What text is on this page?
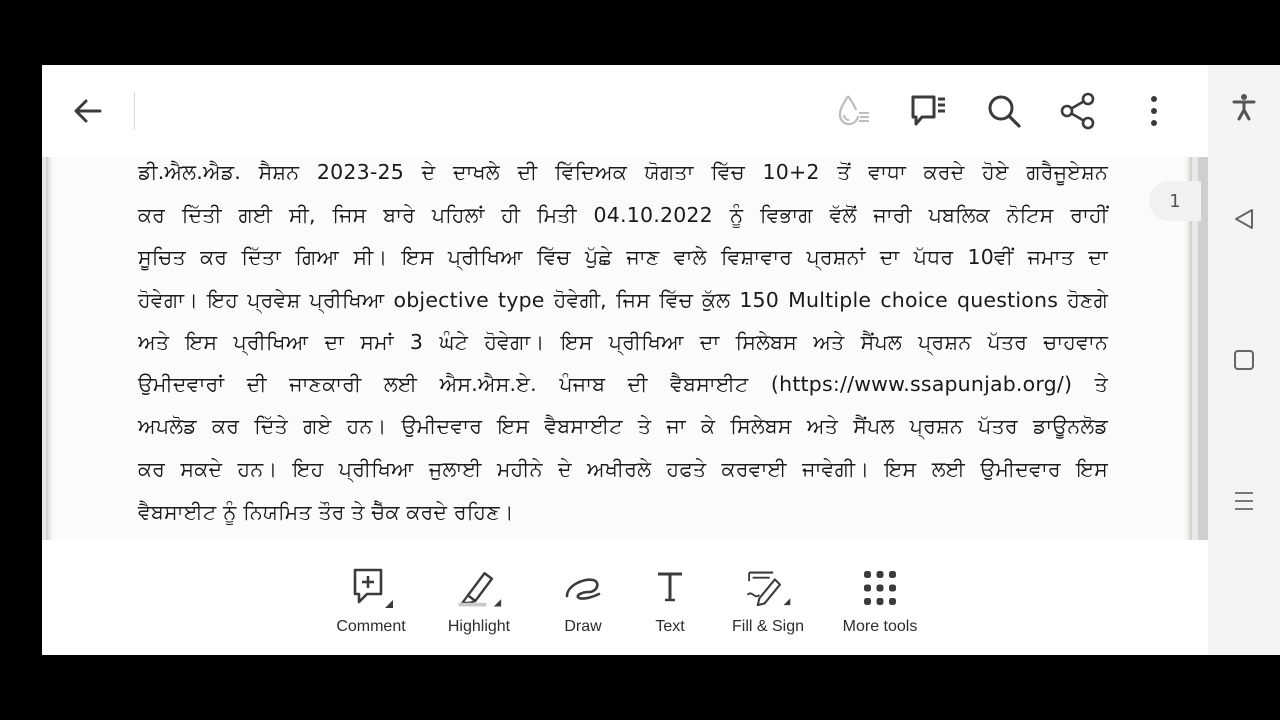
ਡੀ.ਐਲ.ਐਡ. ਸੈਸ਼ਨ 2023-25 ਦੇ ਦਾਖਲੇ ਦੀ ਵਿੱਦਿਅਕ ਯੋਗਤਾ ਵਿੱਚ 10+2 ਤੋਂ ਵਾਧਾ ਕਰਦੇ ਹੋਏ ਗਰੈਜੂਏਸ਼ਨ
ਕਰ ਦਿੱਤੀ ਗਈ ਸੀ, ਜਿਸ ਬਾਰੇ ਪਹਿਲਾਂ ਹੀ ਮਿਤੀ 04.10.2022 ਨੂੰ ਵਿਭਾਗ ਵੱਲੋਂ ਜਾਰੀ ਪਬਲਿਕ ਨੋਟਿਸ ਰਾਹੀਂ
ਸੂਚਿਤ ਕਰ ਦਿੱਤਾ ਗਿਆ ਸੀ। ਇਸ ਪ੍ਰੀਖਿਆ ਵਿੱਚ ਪੁੱਛੇ ਜਾਣ ਵਾਲੇ ਵਿਸ਼ਾਵਾਰ ਪ੍ਰਸ਼ਨਾਂ ਦਾ ਪੱਧਰ 10ਵੀਂ ਜਮਾਤ ਦਾ
ਹੋਵੇਗਾ। ਇਹ ਪ੍ਰਵੇਸ਼ ਪ੍ਰੀਖਿਆ objective type ਹੋਵੇਗੀ, ਜਿਸ ਵਿੱਚ ਕੁੱਲ 150 Multiple choice questions ਹੋਣਗੇ
ਅਤੇ ਇਸ ਪ੍ਰੀਖਿਆ ਦਾ ਸਮਾਂ 3 ਘੰਟੇ ਹੋਵੇਗਾ। ਇਸ ਪ੍ਰੀਖਿਆ ਦਾ ਸਿਲੇਬਸ ਅਤੇ ਸੈਂਪਲ ਪ੍ਰਸ਼ਨ ਪੱਤਰ ਚਾਹਵਾਨ
ਉਮੀਦਵਾਰਾਂ ਦੀ ਜਾਣਕਾਰੀ ਲਈ ਐਸ.ਐਸ.ਏ. ਪੰਜਾਬ ਦੀ ਵੈਬਸਾਈਟ (https://www.ssapunjab.org/) ਤੇ
ਅਪਲੋਡ ਕਰ ਦਿੱਤੇ ਗਏ ਹਨ। ਉਮੀਦਵਾਰ ਇਸ ਵੈਬਸਾਈਟ ਤੇ ਜਾ ਕੇ ਸਿਲੇਬਸ ਅਤੇ ਸੈਂਪਲ ਪ੍ਰਸ਼ਨ ਪੱਤਰ ਡਾਊਨਲੋਡ
ਕਰ ਸਕਦੇ ਹਨ। ਇਹ ਪ੍ਰੀਖਿਆ ਜੁਲਾਈ ਮਹੀਨੇ ਦੇ ਅਖੀਰਲੇ ਹਫਤੇ ਕਰਵਾਈ ਜਾਵੇਗੀ। ਇਸ ਲਈ ਉਮੀਦਵਾਰ ਇਸ
ਵੈਬਸਾਈਟ ਨੂੰ ਨਿਯਮਿਤ ਤੌਰ ਤੇ ਚੈੱਕ ਕਰਦੇ ਰਹਿਣ।
1
Comment	Highlight	Draw	Text	Fill & Sign More tools
